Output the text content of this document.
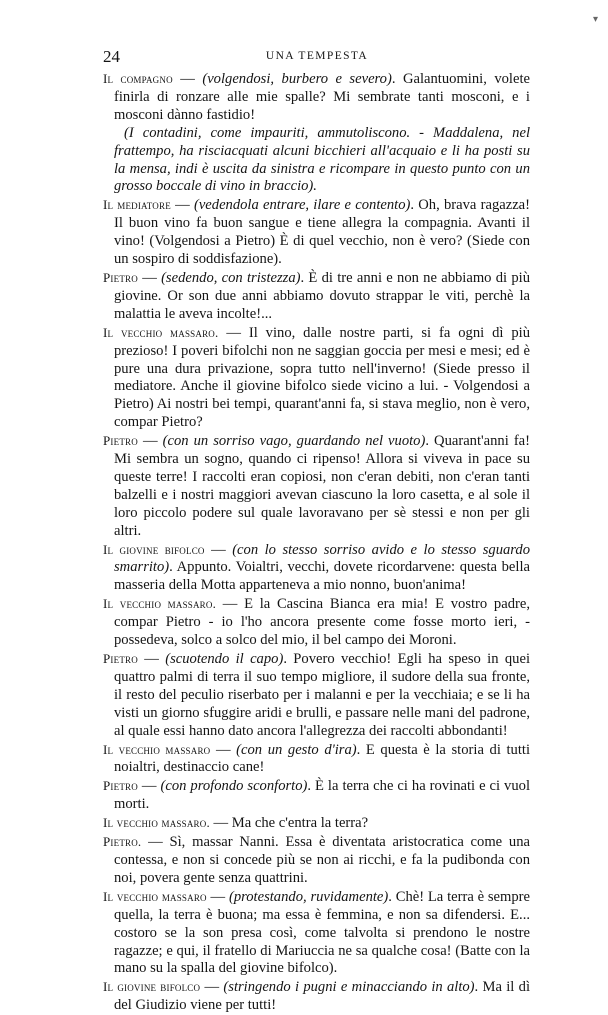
24	UNA TEMPESTA

Il compagno — (volgendosi, burbero e severo). Galantuomini, volete finirla di ronzare alle mie spalle? Mi sembrate tanti mosconi, e i mosconi dànno fastidio!

(I contadini, come impauriti, ammutoliscono. - Maddalena, nel frattempo, ha risciacquati alcuni bicchieri all'acquaio e li ha posti su la mensa, indi è uscita da sinistra e ricompare in questo punto con un grosso boccale di vino in braccio).

Il mediatore — (vedendola entrare, ilare e contento). Oh, brava ragazza! Il buon vino fa buon sangue e tiene allegra la compagnia. Avanti il vino! (Volgendosi a Pietro) È di quel vecchio, non è vero? (Siede con un sospiro di soddisfazione).

Pietro — (sedendo, con tristezza). È di tre anni e non ne abbiamo di più giovine. Or son due anni abbiamo dovuto strappar le viti, perchè la malattia le aveva incolte!...

Il vecchio massaro. — Il vino, dalle nostre parti, si fa ogni dì più prezioso! I poveri bifolchi non ne saggian goccia per mesi e mesi; ed è pure una dura privazione, sopra tutto nell'inverno! (Siede presso il mediatore. Anche il giovine bifolco siede vicino a lui. - Volgendosi a Pietro) Ai nostri bei tempi, quarant'anni fa, si stava meglio, non è vero, compar Pietro?

Pietro — (con un sorriso vago, guardando nel vuoto). Quarant'anni fa! Mi sembra un sogno, quando ci ripenso! Allora si viveva in pace su queste terre! I raccolti eran copiosi, non c'eran debiti, non c'eran tanti balzelli e i nostri maggiori avevan ciascuno la loro casetta, e al sole il loro piccolo podere sul quale lavoravano per sè stessi e non per gli altri.

Il giovine bifolco — (con lo stesso sorriso avido e lo stesso sguardo smarrito). Appunto. Voialtri, vecchi, dovete ricordarvene: questa bella masseria della Motta apparteneva a mio nonno, buon'anima!

Il vecchio massaro. — E la Cascina Bianca era mia! E vostro padre, compar Pietro - io l'ho ancora presente come fosse morto ieri, - possedeva, solco a solco del mio, il bel campo dei Moroni.

Pietro — (scuotendo il capo). Povero vecchio! Egli ha speso in quei quattro palmi di terra il suo tempo migliore, il sudore della sua fronte, il resto del peculio riserbato per i malanni e per la vecchiaia; e se li ha visti un giorno sfuggire aridi e brulli, e passare nelle mani del padrone, al quale essi hanno dato ancora l'allegrezza dei raccolti abbondanti!

Il vecchio massaro — (con un gesto d'ira). E questa è la storia di tutti noialtri, destinaccio cane!

Pietro — (con profondo sconforto). È la terra che ci ha rovinati e ci vuol morti.

Il vecchio massaro. — Ma che c'entra la terra?

Pietro. — Sì, massar Nanni. Essa è diventata aristocratica come una contessa, e non si concede più se non ai ricchi, e fa la pudibonda con noi, povera gente senza quattrini.

Il vecchio massaro — (protestando, ruvidamente). Chè! La terra è sempre quella, la terra è buona; ma essa è femmina, e non sa difendersi. E... costoro se la son presa così, come talvolta si prendono le nostre ragazze; e qui, il fratello di Mariuccia ne sa qualche cosa! (Batte con la mano su la spalla del giovine bifolco).

Il giovine bifolco — (stringendo i pugni e minacciando in alto). Ma il dì del Giudizio viene per tutti!

▾
